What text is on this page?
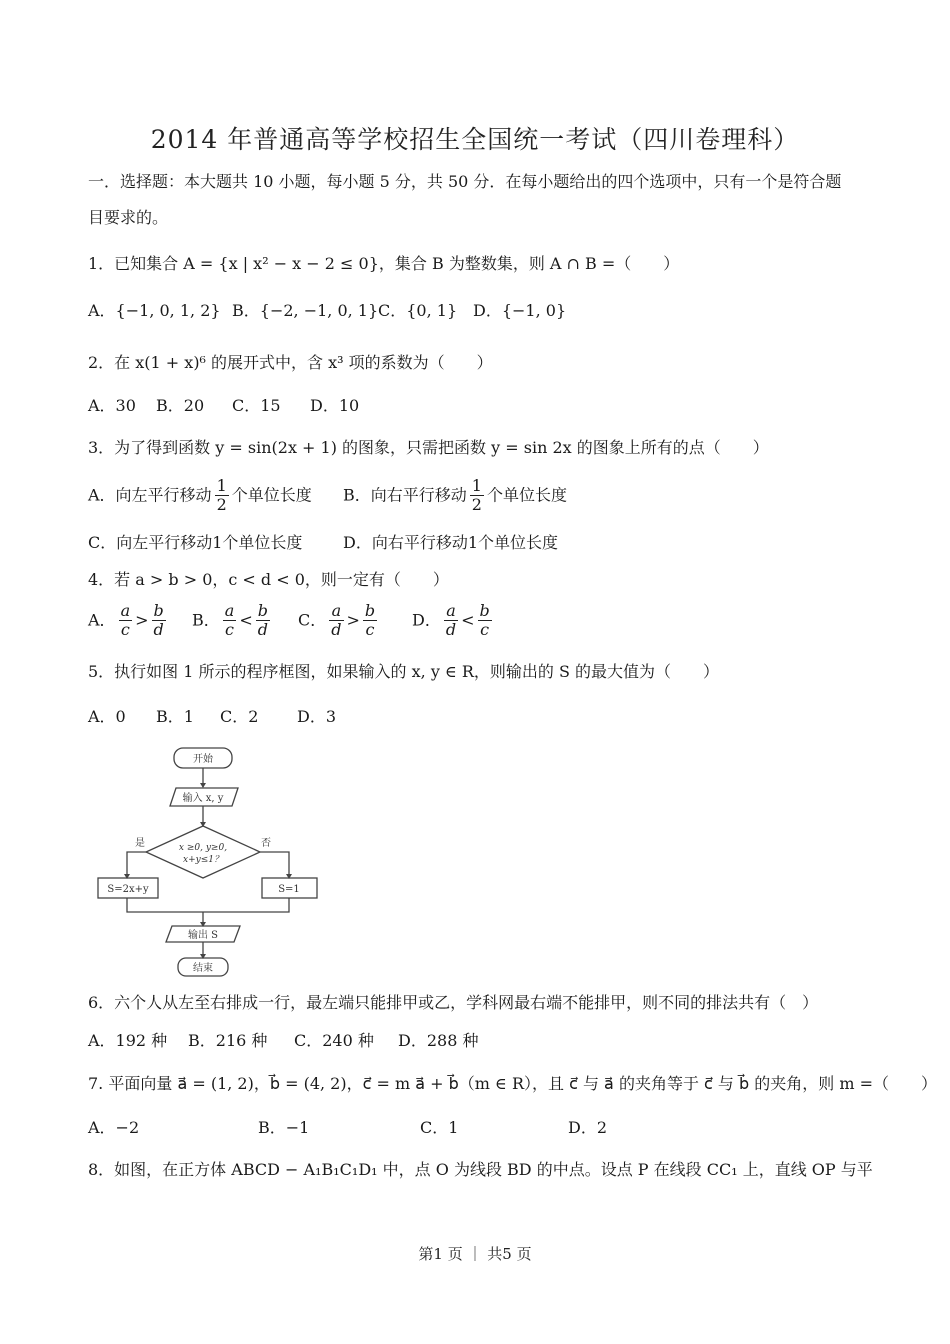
2014 年普通高等学校招生全国统一考试（四川卷理科）
一．选择题：本大题共 10 小题，每小题 5 分，共 50 分．在每小题给出的四个选项中，只有一个是符合题
目要求的。
1．已知集合 A = {x | x² − x − 2 ≤ 0}，集合 B 为整数集，则 A ∩ B =（　　）
A．{−1, 0, 1, 2} B．{−2, −1, 0, 1} C．{0, 1} D．{−1, 0}
2．在 x(1 + x)⁶ 的展开式中，含 x³ 项的系数为（　　）
A．30 B．20 C．15 D．10
3．为了得到函数 y = sin(2x + 1) 的图象，只需把函数 y = sin 2x 的图象上所有的点（　　）
A．向左平行移动 $\frac{1}{2}$ 个单位长度 B．向右平行移动 $\frac{1}{2}$ 个单位长度
C．向左平行移动1个单位长度	D．向右平行移动1个单位长度
4．若 a > b > 0，c < d < 0，则一定有（　　）
A． $\frac{a}{c} > \frac{b}{d}$ B． $\frac{a}{c} < \frac{b}{d}$ C． $\frac{a}{d} > \frac{b}{c}$ D． $\frac{a}{d} < \frac{b}{c}$
5．执行如图 1 所示的程序框图，如果输入的 x, y ∈ R，则输出的 S 的最大值为（　　）
A．0 B．1 C．2 D．3
开始
输入 x, y
x ≥0, y≥0,
x+y≤1？
是	否
S=2x+y	S=1
输出 S
结束
6．六个人从左至右排成一行，最左端只能排甲或乙，学科网最右端不能排甲，则不同的排法共有（　）
A．192 种 B．216 种 C．240 种 D．288 种
7. 平面向量 a⃗ = (1, 2)，b⃗ = (4, 2)，c⃗ = m a⃗ + b⃗（m ∈ R），且 c⃗ 与 a⃗ 的夹角等于 c⃗ 与 b⃗ 的夹角，则 m =（　　）
A．−2	B．−1	C．1	D．2
8．如图，在正方体 ABCD − A₁B₁C₁D₁ 中，点 O 为线段 BD 的中点。设点 P 在线段 CC₁ 上，直线 OP 与平
第1 页 ｜ 共5 页
